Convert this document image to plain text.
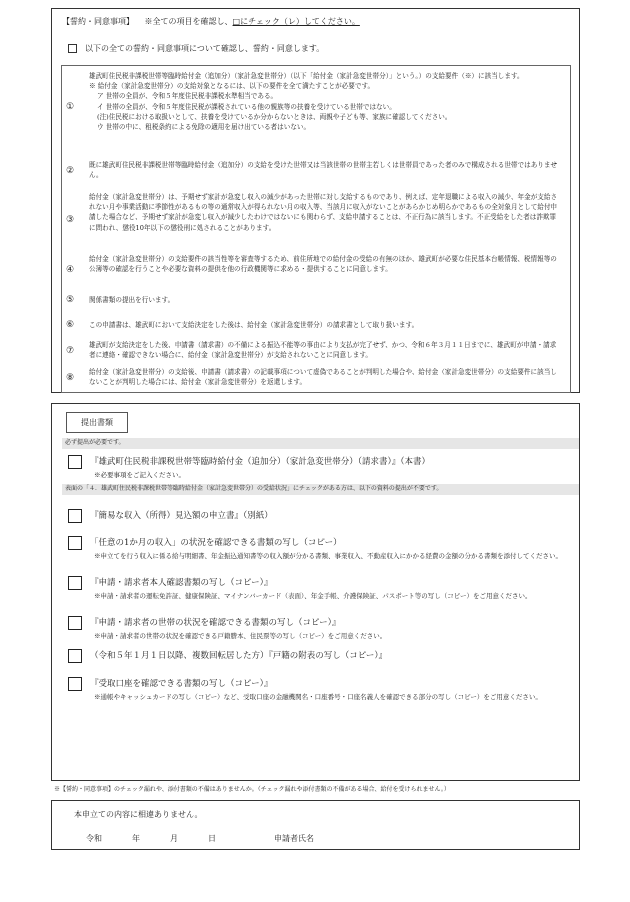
【誓約・同意事項】 ※全ての項目を確認し、□にチェック（レ）してください。
以下の全ての誓約・同意事項について確認し、誓約・同意します。
①

雄武町住民税非課税世帯等臨時給付金（追加分）（家計急変世帯分）（以下「給付金（家計急変世帯分）」という。）の支給要件（※）に該当します。

※ 給付金（家計急変世帯分）の支給対象となるには、以下の要件を全て満たすことが必要です。

ア 世帯の全員が、令和５年度住民税非課税水準相当である。

イ 世帯の全員が、令和５年度住民税が課税されている他の親族等の扶養を受けている世帯ではない。

(注)住民税における取扱いとして、扶養を受けているか分からないときは、両親や子ども等、家族に確認してください。

ウ 世帯の中に、租税条約による免除の適用を届け出ている者はいない。

②

既に雄武町住民税非課税世帯等臨時給付金（追加分）の支給を受けた世帯又は当該世帯の世帯主若しくは世帯員であった者のみで構成される世帯ではありません。

③

給付金（家計急変世帯分）は、予期せず家計が急変し収入の減少があった世帯に対し支給するものであり、例えば、定年退職による収入の減少、年金が支給されない月や事業活動に季節性があるもの等の通常収入が得られない月の収入等、当該月に収入がないことがあらかじめ明らかであるもの全対象月として給付申請した場合など、予期せず家計が急変し収入が減少したわけではないにも関わらず、支給申請することは、不正行為に該当します。不正受給をした者は詐欺罪に問われ、懲役10年以下の懲役刑に処されることがあります。

④

給付金（家計急変世帯分）の支給要件の該当性等を審査等するため、前住所地での給付金の受給の有無のほか、雄武町が必要な住民基本台帳情報、税情報等の公簿等の確認を行うことや必要な資料の提供を他の行政機関等に求める・提供することに同意します。

⑤ 関係書類の提出を行います。

⑥ この申請書は、雄武町において支給決定をした後は、給付金（家計急変世帯分）の請求書として取り扱います。

⑦

雄武町が支給決定をした後、申請書（請求書）の不備による振込不能等の事由により支払が完了せず、かつ、令和６年３月１１日までに、雄武町が申請・請求者に連絡・確認できない場合に、給付金（家計急変世帯分）が支給されないことに同意します。

⑧

給付金（家計急変世帯分）の支給後、申請書（請求書）の記載事項について虚偽であることが判明した場合や、給付金（家計急変世帯分）の支給要件に該当しないことが判明した場合には、給付金（家計急変世帯分）を返還します。

提出書類
必ず提出が必要です。
『雄武町住民税非課税世帯等臨時給付金（追加分）（家計急変世帯分）（請求書）』（本書）
※必要事項をご記入ください。
表面の「４．雄武町住民税非課税世帯等臨時給付金（家計急変世帯分）の受給状況」にチェックがある方は、以下の資料の提出が不要です。
『簡易な収入（所得）見込額の申立書』（別紙）
「任意の1か月の収入」の状況を確認できる書類の写し（コピー）
※申立てを行う収入に係る給与明細書、年金振込通知書等の収入額が分かる書類、事業収入、不動産収入にかかる経費の金額の分かる書類を添付してください。
『申請・請求者本人確認書類の写し（コピー）』
※申請・請求者の運転免許証、健康保険証、マイナンバーカード（表面）、年金手帳、介護保険証、パスポート等の写し（コピー）をご用意ください。
『申請・請求者の世帯の状況を確認できる書類の写し（コピー）』
※申請・請求者の世帯の状況を確認できる戸籍謄本、住民票等の写し（コピー）をご用意ください。
（令和５年１月１日以降、複数回転居した方）『戸籍の附表の写し（コピー）』
『受取口座を確認できる書類の写し（コピー）』
※通帳やキャッシュカードの写し（コピー）など、受取口座の金融機関名・口座番号・口座名義人を確認できる部分の写し（コピー）をご用意ください。
※【誓約・同意事項】のチェック漏れや、添付書類の不備はありませんか。（チェック漏れや添付書類の不備がある場合、給付を受けられません。）
本申立ての内容に相違ありません。
令和	年	月	日	申請者氏名
